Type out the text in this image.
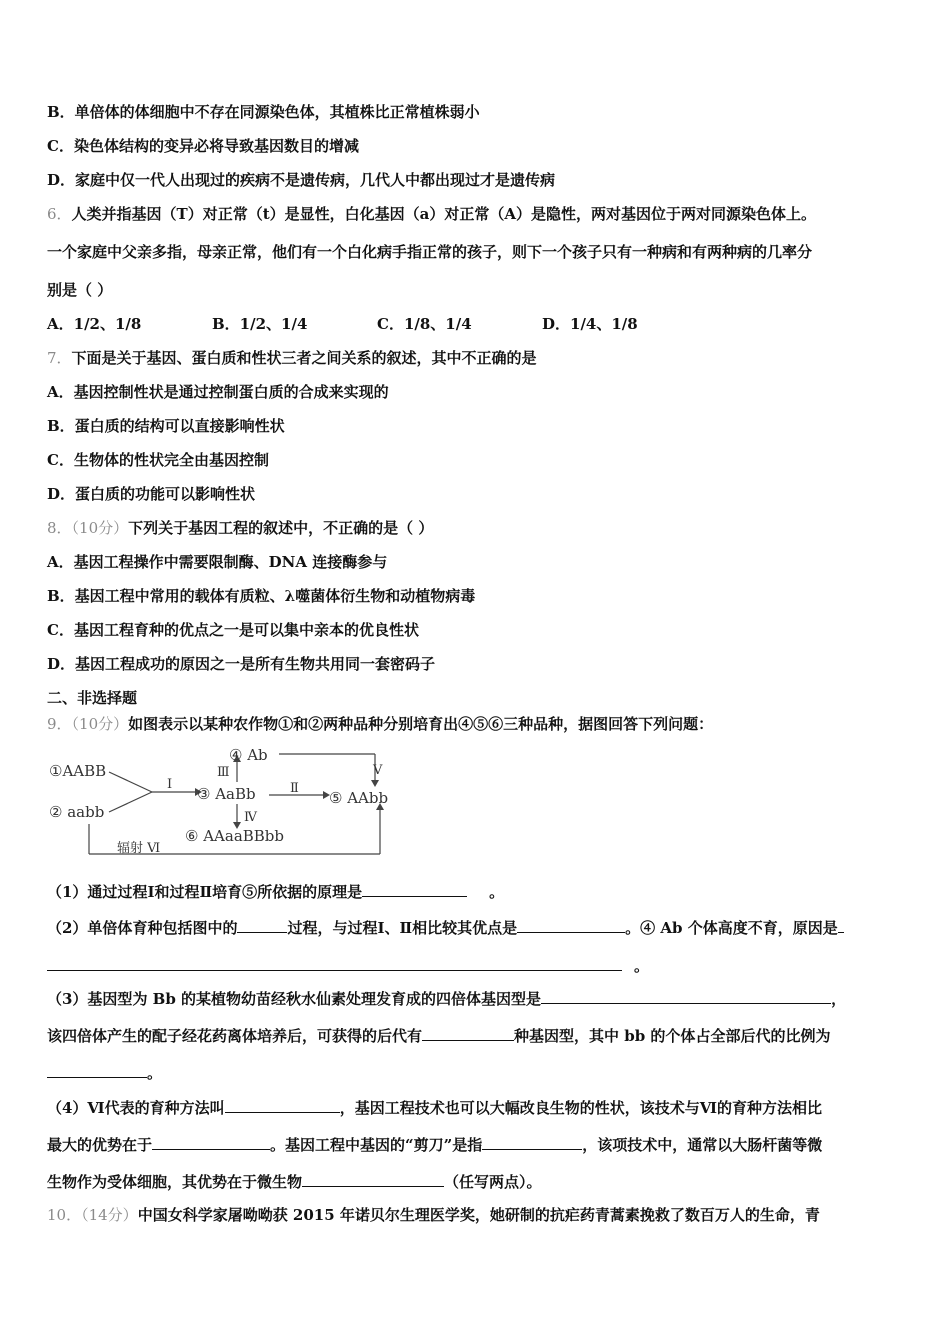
B．单倍体的体细胞中不存在同源染色体，其植株比正常植株弱小
C．染色体结构的变异必将导致基因数目的增减
D．家庭中仅一代人出现过的疾病不是遗传病，几代人中都出现过才是遗传病
6．人类并指基因（T）对正常（t）是显性，白化基因（a）对正常（A）是隐性，两对基因位于两对同源染色体上。
一个家庭中父亲多指，母亲正常，他们有一个白化病手指正常的孩子，则下一个孩子只有一种病和有两种病的几率分
别是（ ）
A．1/2、1/8	B．1/2、1/4	C．1/8、1/4	D．1/4、1/8
7．下面是关于基因、蛋白质和性状三者之间关系的叙述，其中不正确的是
A．基因控制性状是通过控制蛋白质的合成来实现的
B．蛋白质的结构可以直接影响性状
C．生物体的性状完全由基因控制
D．蛋白质的功能可以影响性状
8．（10分）下列关于基因工程的叙述中，不正确的是（ ）
A．基因工程操作中需要限制酶、DNA 连接酶参与
B．基因工程中常用的载体有质粒、λ噬菌体衍生物和动植物病毒
C．基因工程育种的优点之一是可以集中亲本的优良性状
D．基因工程成功的原因之一是所有生物共用同一套密码子
二、非选择题
9．（10分）如图表示以某种农作物①和②两种品种分别培育出④⑤⑥三种品种，据图回答下列问题：
①AABB
② aabb
③ AaBb
④ Ab
⑤ AAbb
⑥ AAaaBBbb
Ⅰ	Ⅱ
Ⅲ
Ⅳ
Ⅴ
辐射 Ⅵ
（1）通过过程Ⅰ和过程Ⅱ培育⑤所依据的原理是	。
（2）单倍体育种包括图中的	过程，与过程Ⅰ、Ⅱ相比较其优点是	。④ Ab 个体高度不育，原因是
。
（3）基因型为 Bb 的某植物幼苗经秋水仙素处理发育成的四倍体基因型是	，
该四倍体产生的配子经花药离体培养后，可获得的后代有	种基因型，其中 bb 的个体占全部后代的比例为
。
（4）Ⅵ代表的育种方法叫	，基因工程技术也可以大幅改良生物的性状，该技术与Ⅵ的育种方法相比
最大的优势在于	。基因工程中基因的“剪刀”是指	，该项技术中，通常以大肠杆菌等微
生物作为受体细胞，其优势在于微生物	（任写两点）。
10．（14分）中国女科学家屠呦呦获 2015 年诺贝尔生理医学奖，她研制的抗疟药青蒿素挽救了数百万人的生命，青
